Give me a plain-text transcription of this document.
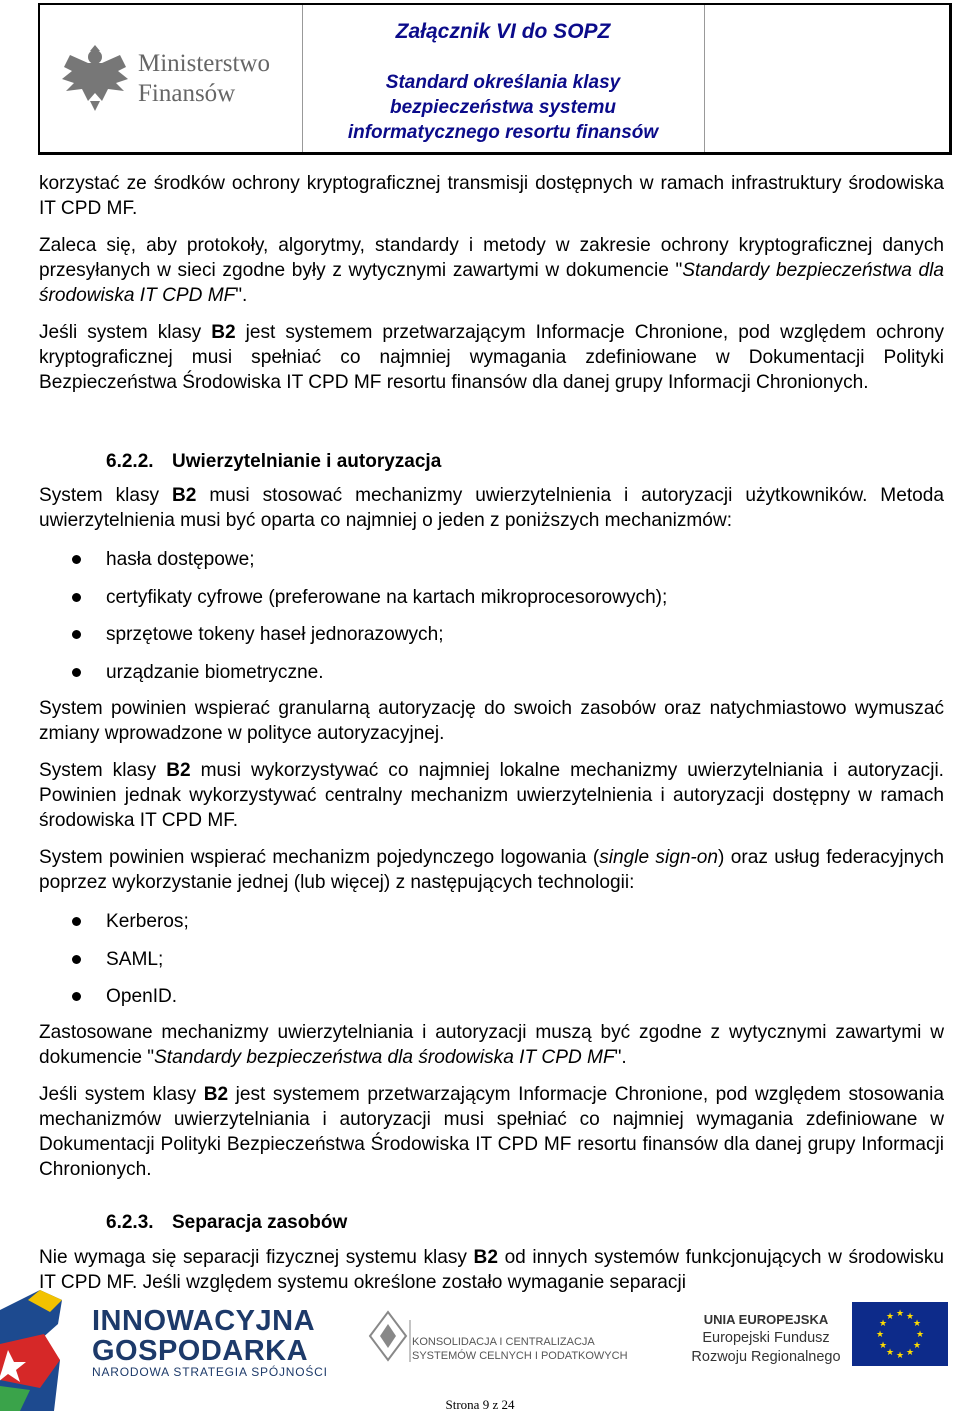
Ministerstwo
Finansów
Załącznik VI do SOPZ
Standard określania klasy
bezpieczeństwa systemu
informatycznego resortu finansów
korzystać ze środków ochrony kryptograficznej transmisji dostępnych w ramach infrastruktury środowiska IT CPD MF.
Zaleca się, aby protokoły, algorytmy, standardy i metody w zakresie ochrony kryptograficznej danych przesyłanych w sieci zgodne były z wytycznymi zawartymi w dokumencie "Standardy bezpieczeństwa dla środowiska IT CPD MF".
Jeśli system klasy B2 jest systemem przetwarzającym Informacje Chronione, pod względem ochrony kryptograficznej musi spełniać co najmniej wymagania zdefiniowane w Dokumentacji Polityki Bezpieczeństwa Środowiska IT CPD MF resortu finansów dla danej grupy Informacji Chronionych.
6.2.2. Uwierzytelnianie i autoryzacja
System klasy B2 musi stosować mechanizmy uwierzytelnienia i autoryzacji użytkowników. Metoda uwierzytelnienia musi być oparta co najmniej o jeden z poniższych mechanizmów:
hasła dostępowe;
certyfikaty cyfrowe (preferowane na kartach mikroprocesorowych);
sprzętowe tokeny haseł jednorazowych;
urządzanie biometryczne.
System powinien wspierać granularną autoryzację do swoich zasobów oraz natychmiastowo wymuszać zmiany wprowadzone w polityce autoryzacyjnej.
System klasy B2 musi wykorzystywać co najmniej lokalne mechanizmy uwierzytelniania i autoryzacji. Powinien jednak wykorzystywać centralny mechanizm uwierzytelnienia i autoryzacji dostępny w ramach środowiska IT CPD MF.
System powinien wspierać mechanizm pojedynczego logowania (single sign-on) oraz usług federacyjnych poprzez wykorzystanie jednej (lub więcej) z następujących technologii:
Kerberos;
SAML;
OpenID.
Zastosowane mechanizmy uwierzytelniania i autoryzacji muszą być zgodne z wytycznymi zawartymi w dokumencie "Standardy bezpieczeństwa dla środowiska IT CPD MF".
Jeśli system klasy B2 jest systemem przetwarzającym Informacje Chronione, pod względem stosowania mechanizmów uwierzytelniania i autoryzacji musi spełniać co najmniej wymagania zdefiniowane w Dokumentacji Polityki Bezpieczeństwa Środowiska IT CPD MF resortu finansów dla danej grupy Informacji Chronionych.
6.2.3. Separacja zasobów
Nie wymaga się separacji fizycznej systemu klasy B2 od innych systemów funkcjonujących w środowisku IT CPD MF. Jeśli względem systemu określone zostało wymaganie separacji
INNOWACYJNA
GOSPODARKA
NARODOWA STRATEGIA SPÓJNOŚCI
KONSOLIDACJA I CENTRALIZACJA
SYSTEMÓW CELNYCH I PODATKOWYCH
UNIA EUROPEJSKA
Europejski Fundusz
Rozwoju Regionalnego
★ ★
★
★
★
★
★
★
★
★
★
★
Strona 9 z 24
